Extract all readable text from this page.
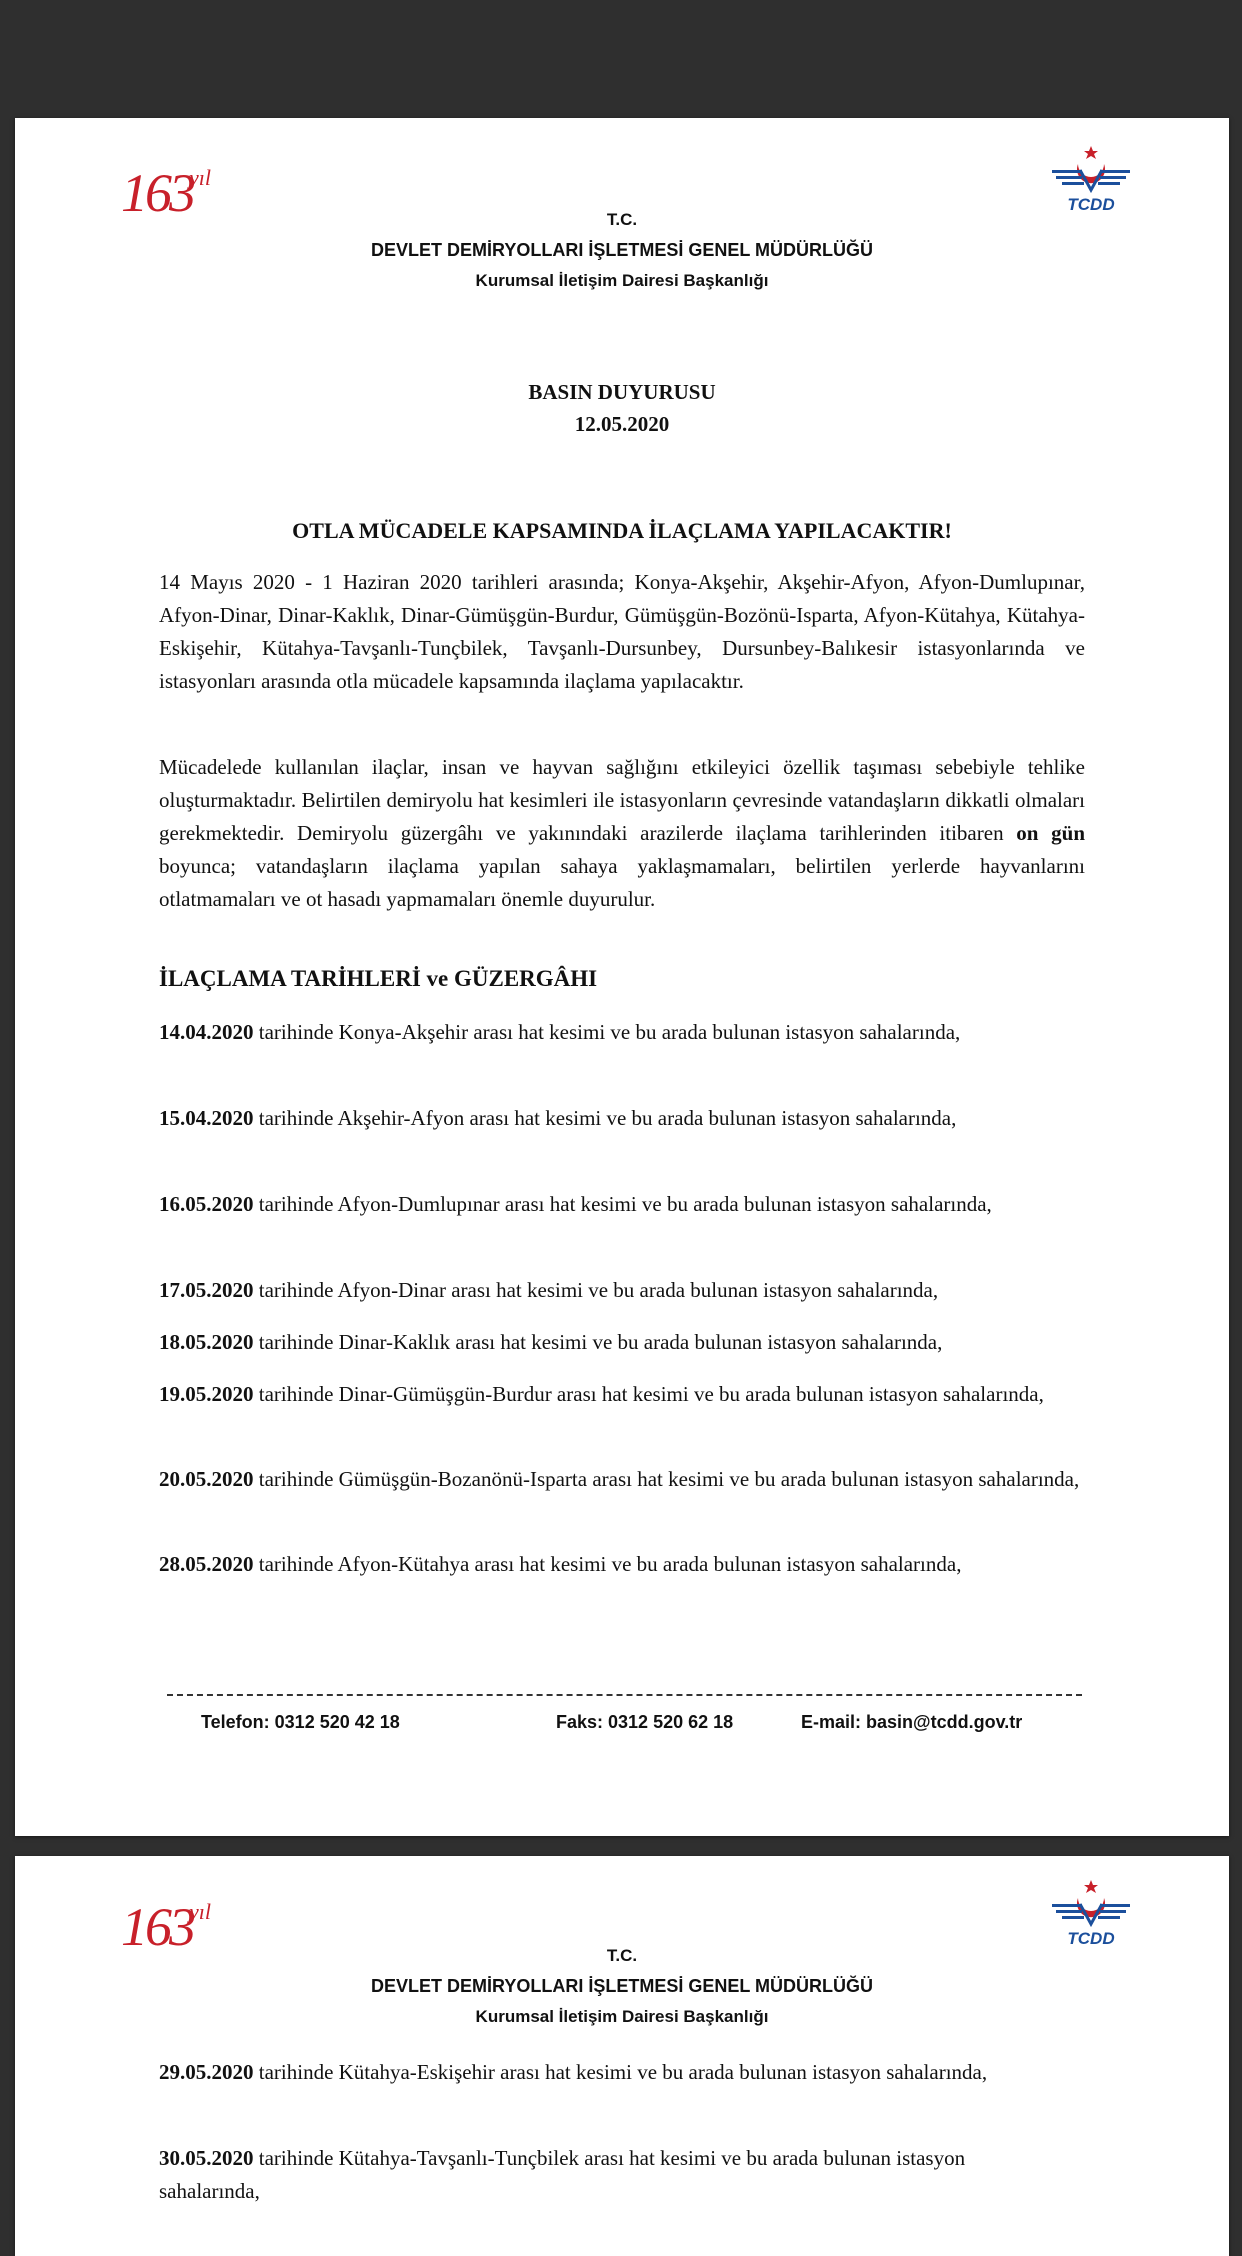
163yıl
TCDD
T.C.
DEVLET DEMİRYOLLARI İŞLETMESİ GENEL MÜDÜRLÜĞÜ
Kurumsal İletişim Dairesi Başkanlığı
BASIN DUYURUSU
12.05.2020
OTLA MÜCADELE KAPSAMINDA İLAÇLAMA YAPILACAKTIR!

14 Mayıs 2020 - 1 Haziran 2020 tarihleri arasında; Konya-Akşehir, Akşehir-Afyon, Afyon-Dumlupınar, Afyon-Dinar, Dinar-Kaklık, Dinar-Gümüşgün-Burdur, Gümüşgün-Bozönü-Isparta, Afyon-Kütahya, Kütahya-Eskişehir, Kütahya-Tavşanlı-Tunçbilek, Tavşanlı-Dursunbey, Dursunbey-Balıkesir istasyonlarında ve istasyonları arasında otla mücadele kapsamında ilaçlama yapılacaktır.

Mücadelede kullanılan ilaçlar, insan ve hayvan sağlığını etkileyici özellik taşıması sebebiyle tehlike oluşturmaktadır. Belirtilen demiryolu hat kesimleri ile istasyonların çevresinde vatandaşların dikkatli olmaları gerekmektedir. Demiryolu güzergâhı ve yakınındaki arazilerde ilaçlama tarihlerinden itibaren on gün boyunca; vatandaşların ilaçlama yapılan sahaya yaklaşmamaları, belirtilen yerlerde hayvanlarını otlatmamaları ve ot hasadı yapmamaları önemle duyurulur.

İLAÇLAMA TARİHLERİ ve GÜZERGÂHI

14.04.2020 tarihinde Konya-Akşehir arası hat kesimi ve bu arada bulunan istasyon sahalarında,

15.04.2020 tarihinde Akşehir-Afyon arası hat kesimi ve bu arada bulunan istasyon sahalarında,

16.05.2020 tarihinde Afyon-Dumlupınar arası hat kesimi ve bu arada bulunan istasyon sahalarında,

17.05.2020 tarihinde Afyon-Dinar arası hat kesimi ve bu arada bulunan istasyon sahalarında,

18.05.2020 tarihinde Dinar-Kaklık arası hat kesimi ve bu arada bulunan istasyon sahalarında,

19.05.2020 tarihinde Dinar-Gümüşgün-Burdur arası hat kesimi ve bu arada bulunan istasyon sahalarında,

20.05.2020 tarihinde Gümüşgün-Bozanönü-Isparta arası hat kesimi ve bu arada bulunan istasyon sahalarında,

28.05.2020 tarihinde Afyon-Kütahya arası hat kesimi ve bu arada bulunan istasyon sahalarında,

Telefon: 0312 520 42 18	Faks: 0312 520 62 18	E-mail: basin@tcdd.gov.tr
163yıl
TCDD
T.C.
DEVLET DEMİRYOLLARI İŞLETMESİ GENEL MÜDÜRLÜĞÜ
Kurumsal İletişim Dairesi Başkanlığı

29.05.2020 tarihinde Kütahya-Eskişehir arası hat kesimi ve bu arada bulunan istasyon sahalarında,

30.05.2020 tarihinde Kütahya-Tavşanlı-Tunçbilek arası hat kesimi ve bu arada bulunan istasyon sahalarında,
